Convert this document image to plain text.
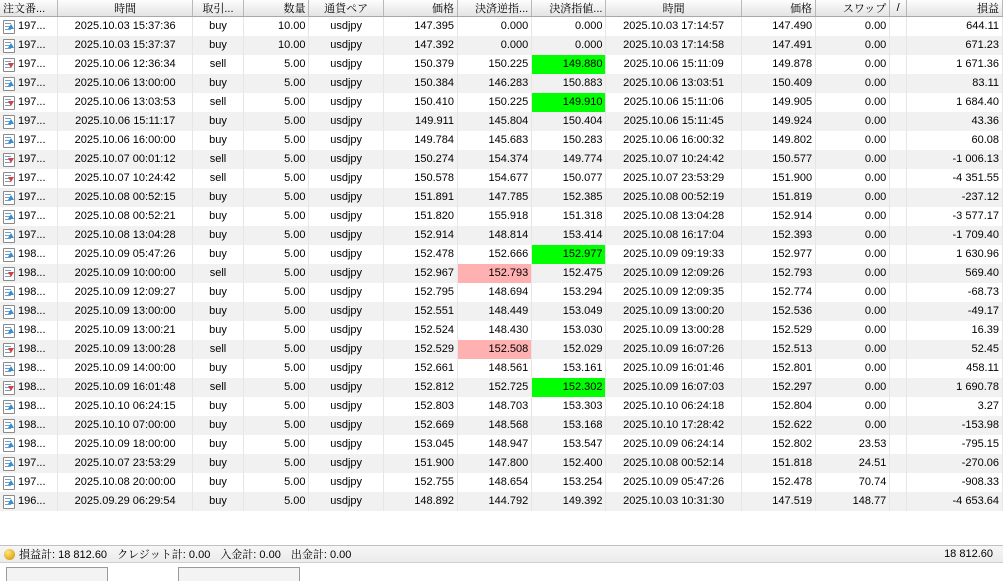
注文番...	時間	取引...	数量	通貨ペア	価格	決済逆指...	決済指値...	時間	価格	スワップ	/	損益

197...	2025.10.03 15:37:36	buy	10.00	usdjpy	147.395	0.000	0.000	2025.10.03 17:14:57	147.490	0.00		644.11

197...	2025.10.03 15:37:37	buy	10.00	usdjpy	147.392	0.000	0.000	2025.10.03 17:14:58	147.491	0.00		671.23

197...	2025.10.06 12:36:34	sell	5.00	usdjpy	150.379	150.225	149.880	2025.10.06 15:11:09	149.878	0.00		1 671.36

197...	2025.10.06 13:00:00	buy	5.00	usdjpy	150.384	146.283	150.883	2025.10.06 13:03:51	150.409	0.00		83.11

197...	2025.10.06 13:03:53	sell	5.00	usdjpy	150.410	150.225	149.910	2025.10.06 15:11:06	149.905	0.00		1 684.40

197...	2025.10.06 15:11:17	buy	5.00	usdjpy	149.911	145.804	150.404	2025.10.06 15:11:45	149.924	0.00		43.36

197...	2025.10.06 16:00:00	buy	5.00	usdjpy	149.784	145.683	150.283	2025.10.06 16:00:32	149.802	0.00		60.08

197...	2025.10.07 00:01:12	sell	5.00	usdjpy	150.274	154.374	149.774	2025.10.07 10:24:42	150.577	0.00		-1 006.13

197...	2025.10.07 10:24:42	sell	5.00	usdjpy	150.578	154.677	150.077	2025.10.07 23:53:29	151.900	0.00		-4 351.55

197...	2025.10.08 00:52:15	buy	5.00	usdjpy	151.891	147.785	152.385	2025.10.08 00:52:19	151.819	0.00		-237.12

197...	2025.10.08 00:52:21	buy	5.00	usdjpy	151.820	155.918	151.318	2025.10.08 13:04:28	152.914	0.00		-3 577.17

197...	2025.10.08 13:04:28	buy	5.00	usdjpy	152.914	148.814	153.414	2025.10.08 16:17:04	152.393	0.00		-1 709.40

198...	2025.10.09 05:47:26	buy	5.00	usdjpy	152.478	152.666	152.977	2025.10.09 09:19:33	152.977	0.00		1 630.96

198...	2025.10.09 10:00:00	sell	5.00	usdjpy	152.967	152.793	152.475	2025.10.09 12:09:26	152.793	0.00		569.40

198...	2025.10.09 12:09:27	buy	5.00	usdjpy	152.795	148.694	153.294	2025.10.09 12:09:35	152.774	0.00		-68.73

198...	2025.10.09 13:00:00	buy	5.00	usdjpy	152.551	148.449	153.049	2025.10.09 13:00:20	152.536	0.00		-49.17

198...	2025.10.09 13:00:21	buy	5.00	usdjpy	152.524	148.430	153.030	2025.10.09 13:00:28	152.529	0.00		16.39

198...	2025.10.09 13:00:28	sell	5.00	usdjpy	152.529	152.508	152.029	2025.10.09 16:07:26	152.513	0.00		52.45

198...	2025.10.09 14:00:00	buy	5.00	usdjpy	152.661	148.561	153.161	2025.10.09 16:01:46	152.801	0.00		458.11

198...	2025.10.09 16:01:48	sell	5.00	usdjpy	152.812	152.725	152.302	2025.10.09 16:07:03	152.297	0.00		1 690.78

198...	2025.10.10 06:24:15	buy	5.00	usdjpy	152.803	148.703	153.303	2025.10.10 06:24:18	152.804	0.00		3.27

198...	2025.10.10 07:00:00	buy	5.00	usdjpy	152.669	148.568	153.168	2025.10.10 17:28:42	152.622	0.00		-153.98

198...	2025.10.09 18:00:00	buy	5.00	usdjpy	153.045	148.947	153.547	2025.10.09 06:24:14	152.802	23.53		-795.15

197...	2025.10.07 23:53:29	buy	5.00	usdjpy	151.900	147.800	152.400	2025.10.08 00:52:14	151.818	24.51		-270.06

197...	2025.10.08 20:00:00	buy	5.00	usdjpy	152.755	148.654	153.254	2025.10.09 05:47:26	152.478	70.74		-908.33

196...	2025.09.29 06:29:54	buy	5.00	usdjpy	148.892	144.792	149.392	2025.10.03 10:31:30	147.519	148.77		-4 653.64
損益計: 18 812.60 クレジット計: 0.00 入金計: 0.00 出金計: 0.00	18 812.60
